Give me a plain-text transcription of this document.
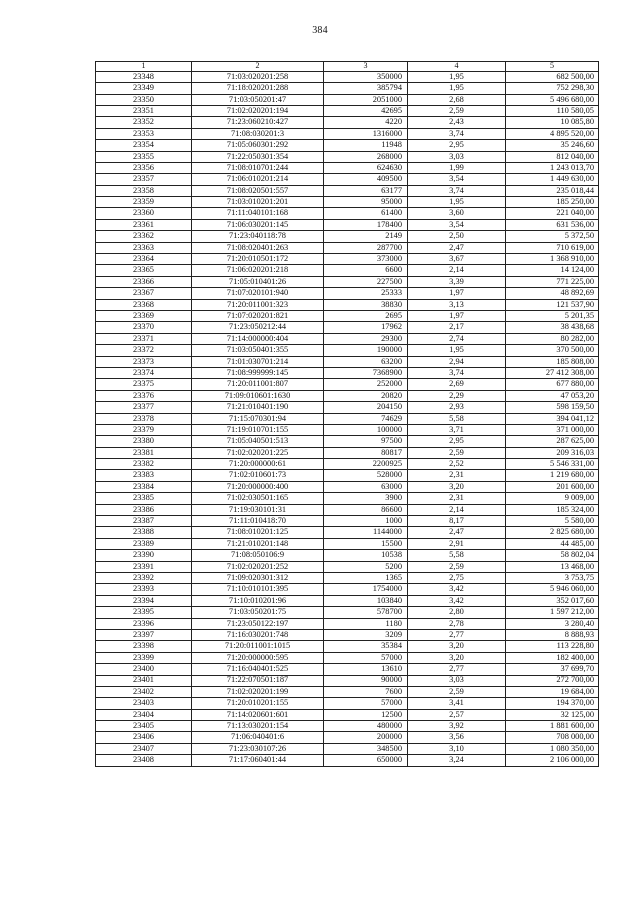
384
1	2	3	4	5
23348	71:03:020201:258	350000	1,95	682 500,00
23349	71:18:020201:288	385794	1,95	752 298,30
23350	71:03:050201:47	2051000	2,68	5 496 680,00
23351	71:02:020201:194	42695	2,59	110 580,05
23352	71:23:060210:427	4220	2,43	10 085,80
23353	71:08:030201:3	1316000	3,74	4 895 520,00
23354	71:05:060301:292	11948	2,95	35 246,60
23355	71:22:050301:354	268000	3,03	812 040,00
23356	71:08:010701:244	624630	1,99	1 243 013,70
23357	71:06:010201:214	409500	3,54	1 449 630,00
23358	71:08:020501:557	63177	3,74	235 018,44
23359	71:03:010201:201	95000	1,95	185 250,00
23360	71:11:040101:168	61400	3,60	221 040,00
23361	71:06:030201:145	178400	3,54	631 536,00
23362	71:23:040118:78	2149	2,50	5 372,50
23363	71:08:020401:263	287700	2,47	710 619,00
23364	71:20:010501:172	373000	3,67	1 368 910,00
23365	71:06:020201:218	6600	2,14	14 124,00
23366	71:05:010401:26	227500	3,39	771 225,00
23367	71:07:020101:940	25333	1,97	48 892,69
23368	71:20:011001:323	38830	3,13	121 537,90
23369	71:07:020201:821	2695	1,97	5 201,35
23370	71:23:050212:44	17962	2,17	38 438,68
23371	71:14:000000:404	29300	2,74	80 282,00
23372	71:03:050401:355	190000	1,95	370 500,00
23373	71:01:030701:214	63200	2,94	185 808,00
23374	71:08:999999:145	7368900	3,74	27 412 308,00
23375	71:20:011001:807	252000	2,69	677 880,00
23376	71:09:010601:1630	20820	2,29	47 053,20
23377	71:21:010401:190	204150	2,93	598 159,50
23378	71:15:070301:94	74629	5,58	394 041,12
23379	71:19:010701:155	100000	3,71	371 000,00
23380	71:05:040501:513	97500	2,95	287 625,00
23381	71:02:020201:225	80817	2,59	209 316,03
23382	71:20:000000:61	2200925	2,52	5 546 331,00
23383	71:02:010601:73	528000	2,31	1 219 680,00
23384	71:20:000000:400	63000	3,20	201 600,00
23385	71:02:030501:165	3900	2,31	9 009,00
23386	71:19:030101:31	86600	2,14	185 324,00
23387	71:11:010418:70	1000	8,17	5 580,00
23388	71:08:010201:125	1144000	2,47	2 825 680,00
23389	71:21:010201:148	15500	2,91	44 485,00
23390	71:08:050106:9	10538	5,58	58 802,04
23391	71:02:020201:252	5200	2,59	13 468,00
23392	71:09:020301:312	1365	2,75	3 753,75
23393	71:10:010101:395	1754000	3,42	5 946 060,00
23394	71:10:010201:96	103840	3,42	352 017,60
23395	71:03:050201:75	578700	2,80	1 597 212,00
23396	71:23:050122:197	1180	2,78	3 280,40
23397	71:16:030201:748	3209	2,77	8 888,93
23398	71:20:011001:1015	35384	3,20	113 228,80
23399	71:20:000000:595	57000	3,20	182 400,00
23400	71:16:040401:525	13610	2,77	37 699,70
23401	71:22:070501:187	90000	3,03	272 700,00
23402	71:02:020201:199	7600	2,59	19 684,00
23403	71:20:010201:155	57000	3,41	194 370,00
23404	71:14:020601:601	12500	2,57	32 125,00
23405	71:13:030201:154	480000	3,92	1 881 600,00
23406	71:06:040401:6	200000	3,56	708 000,00
23407	71:23:030107:26	348500	3,10	1 080 350,00
23408	71:17:060401:44	650000	3,24	2 106 000,00
